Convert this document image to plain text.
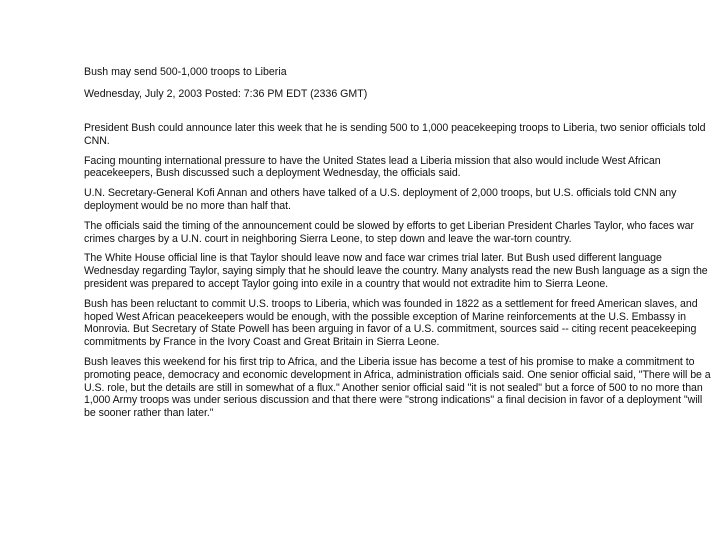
Bush may send 500-1,000 troops to Liberia
Wednesday, July 2, 2003 Posted: 7:36 PM EDT (2336 GMT)

President Bush could announce later this week that he is sending 500 to 1,000 peacekeeping troops to Liberia, two senior officials told CNN.

Facing mounting international pressure to have the United States lead a Liberia mission that also would include West African peacekeepers, Bush discussed such a deployment Wednesday, the officials said.

U.N. Secretary-General Kofi Annan and others have talked of a U.S. deployment of 2,000 troops, but U.S. officials told CNN any deployment would be no more than half that.

The officials said the timing of the announcement could be slowed by efforts to get Liberian President Charles Taylor, who faces war crimes charges by a U.N. court in neighboring Sierra Leone, to step down and leave the war-torn country.

The White House official line is that Taylor should leave now and face war crimes trial later. But Bush used different language Wednesday regarding Taylor, saying simply that he should leave the country. Many analysts read the new Bush language as a sign the president was prepared to accept Taylor going into exile in a country that would not extradite him to Sierra Leone.

Bush has been reluctant to commit U.S. troops to Liberia, which was founded in 1822 as a settlement for freed American slaves, and hoped West African peacekeepers would be enough, with the possible exception of Marine reinforcements at the U.S. Embassy in Monrovia. But Secretary of State Powell has been arguing in favor of a U.S. commitment, sources said -- citing recent peacekeeping commitments by France in the Ivory Coast and Great Britain in Sierra Leone.

Bush leaves this weekend for his first trip to Africa, and the Liberia issue has become a test of his promise to make a commitment to promoting peace, democracy and economic development in Africa, administration officials said. One senior official said, "There will be a U.S. role, but the details are still in somewhat of a flux." Another senior official said "it is not sealed" but a force of 500 to no more than 1,000 Army troops was under serious discussion and that there were "strong indications" a final decision in favor of a deployment "will be sooner rather than later."
